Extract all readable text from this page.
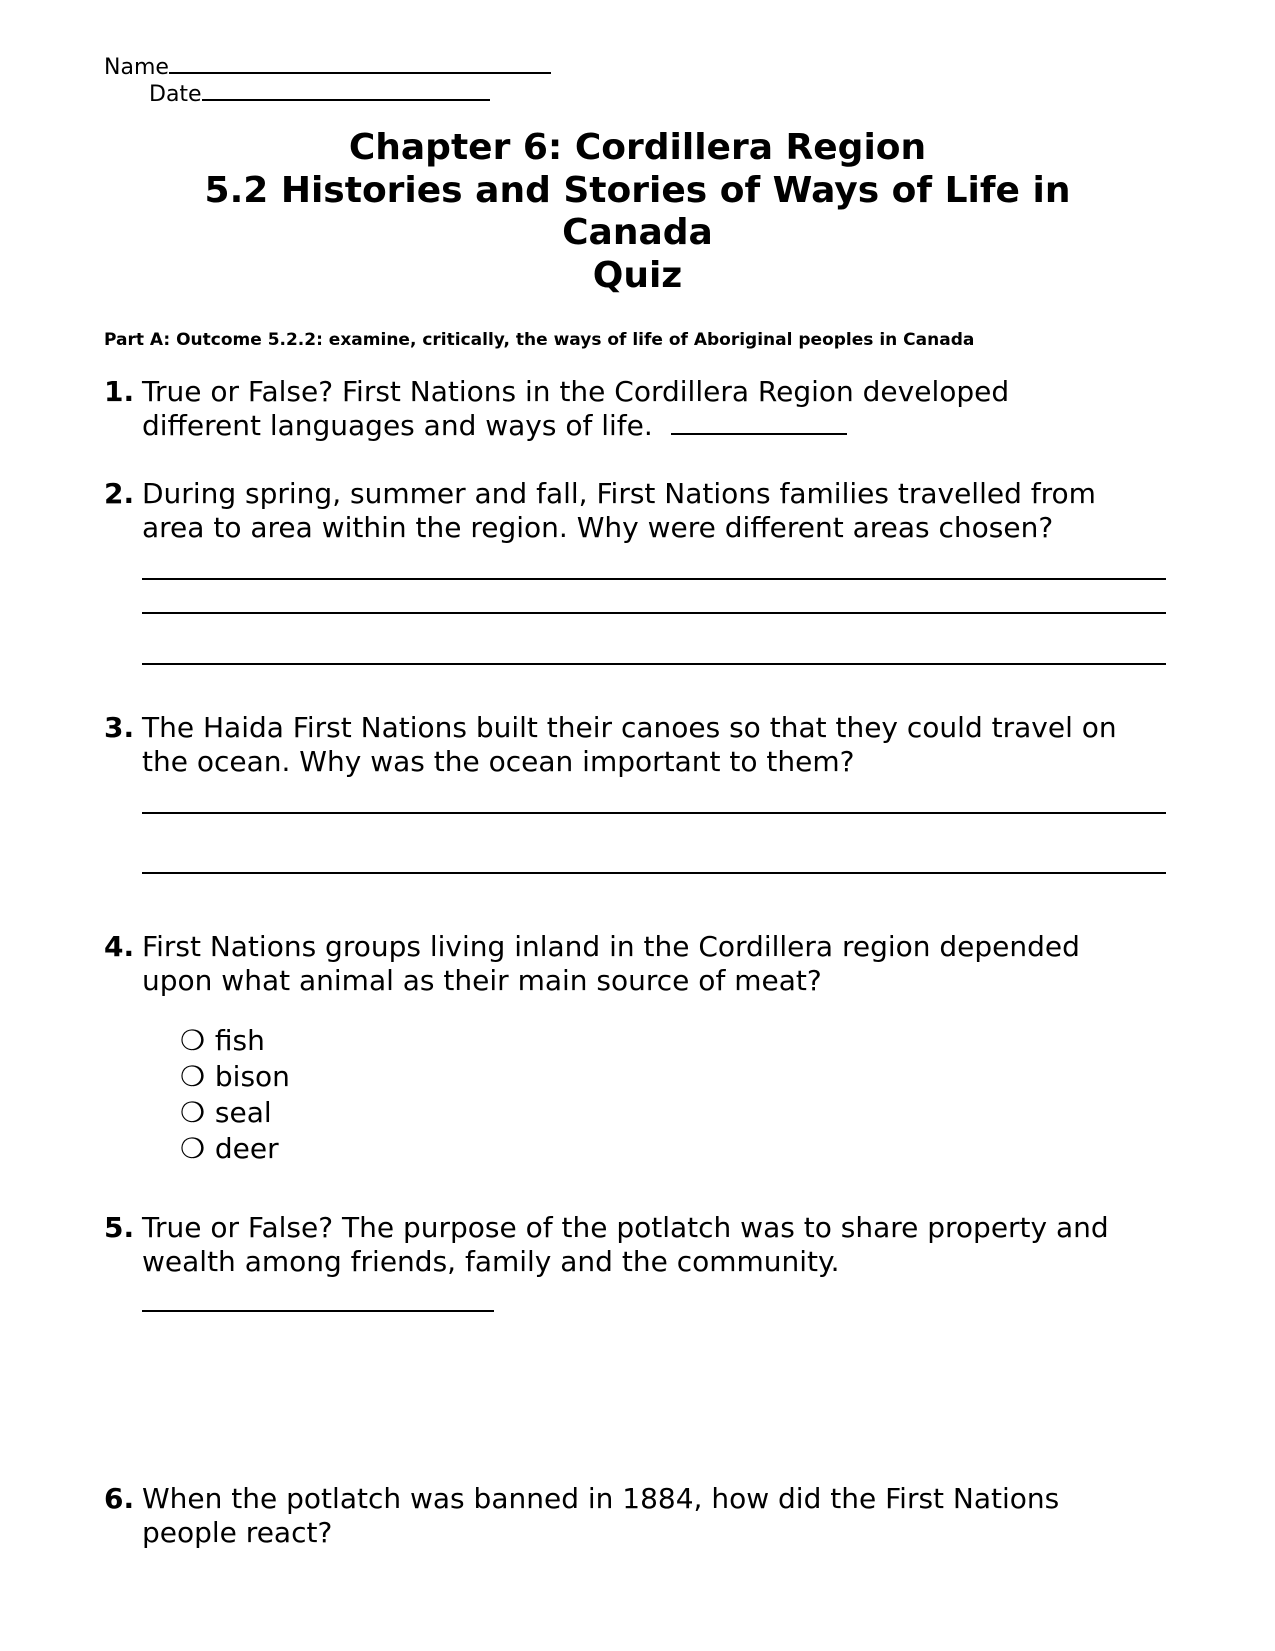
Name
Date
Chapter 6: Cordillera Region
5.2 Histories and Stories of Ways of Life in
Canada
Quiz
Part A: Outcome 5.2.2: examine, critically, the ways of life of Aboriginal peoples in Canada
1. True or False? First Nations in the Cordillera Region developed
different languages and ways of life.
2. During spring, summer and fall, First Nations families travelled from
area to area within the region. Why were different areas chosen?
3. The Haida First Nations built their canoes so that they could travel on
the ocean. Why was the ocean important to them?
4. First Nations groups living inland in the Cordillera region depended
upon what animal as their main source of meat?
❍ fish
❍ bison
❍ seal
❍ deer
5. True or False? The purpose of the potlatch was to share property and
wealth among friends, family and the community.
6. When the potlatch was banned in 1884, how did the First Nations
people react?
